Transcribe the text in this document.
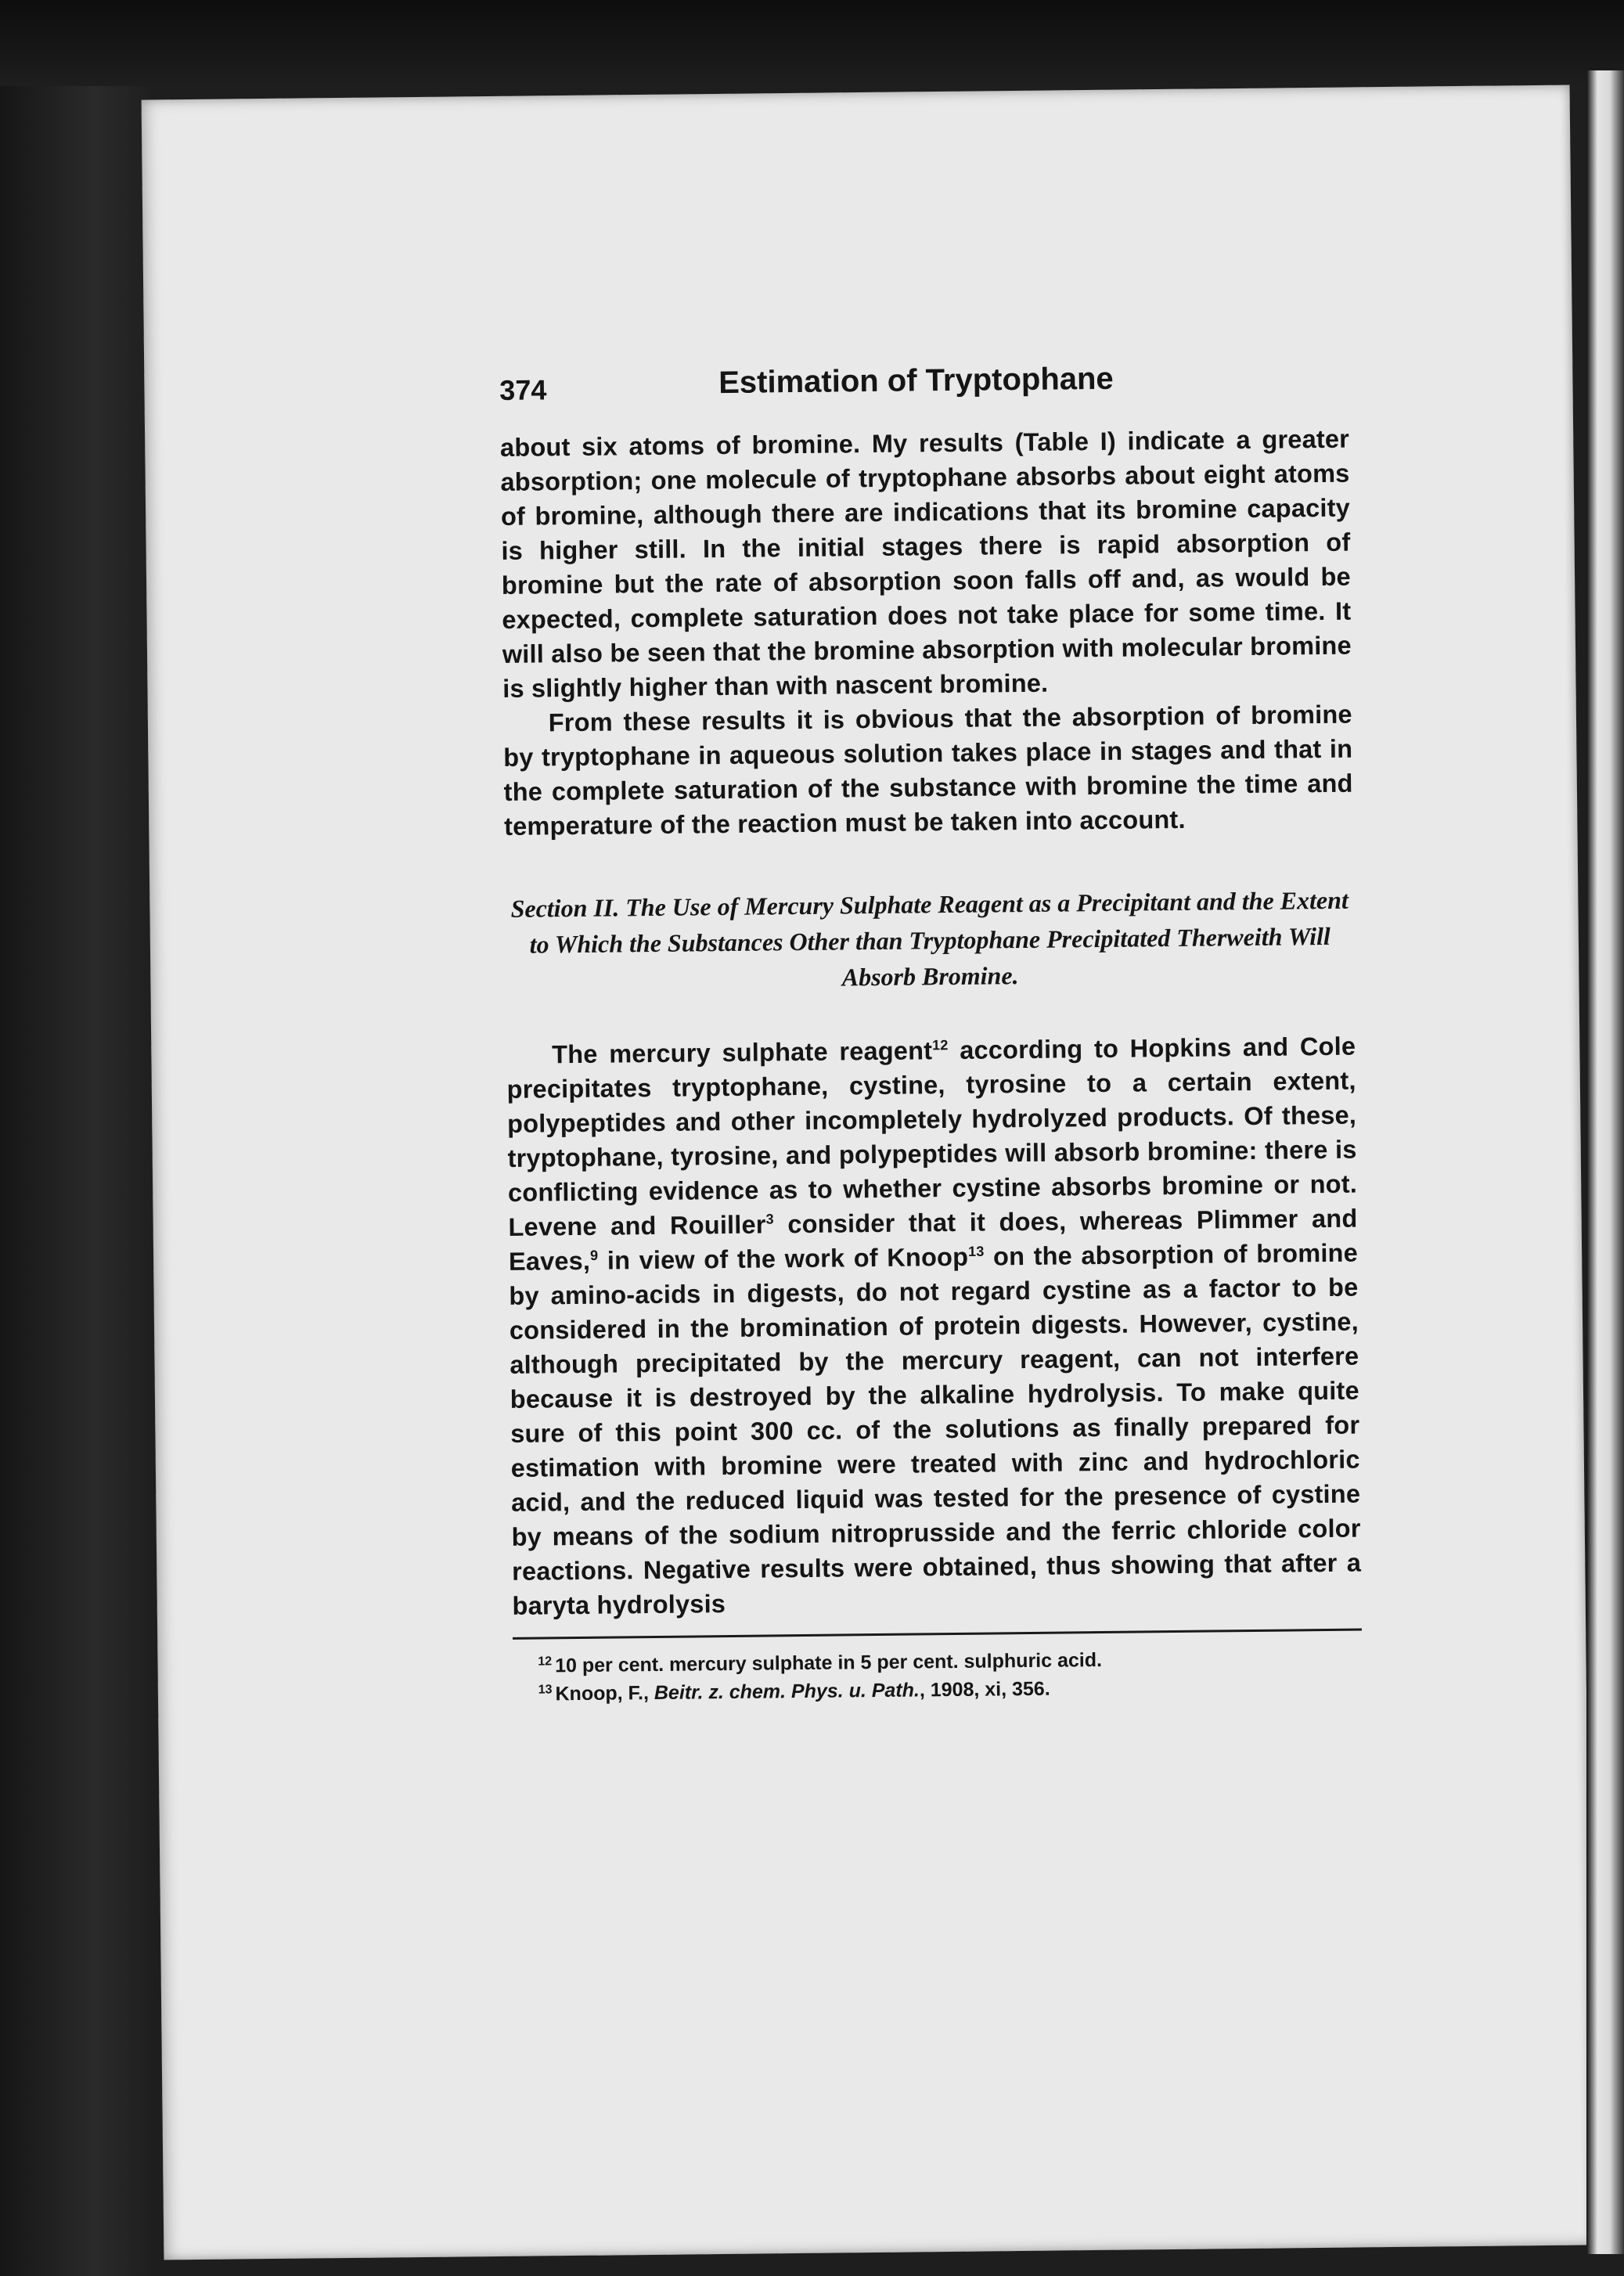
374	Estimation of Tryptophane

about six atoms of bromine. My results (Table I) indicate a greater absorption; one molecule of tryptophane absorbs about eight atoms of bromine, although there are indications that its bromine capacity is higher still. In the initial stages there is rapid absorption of bromine but the rate of absorption soon falls off and, as would be expected, complete saturation does not take place for some time. It will also be seen that the bromine absorption with molecular bromine is slightly higher than with nascent bromine.

From these results it is obvious that the absorption of bromine by tryptophane in aqueous solution takes place in stages and that in the complete saturation of the substance with bromine the time and temperature of the reaction must be taken into account.

Section II. The Use of Mercury Sulphate Reagent as a Precipitant and the Extent to Which the Substances Other than Tryptophane Precipitated Therweith Will Absorb Bromine.

The mercury sulphate reagent$^{12}$ according to Hopkins and Cole precipitates tryptophane, cystine, tyrosine to a certain extent, polypeptides and other incompletely hydrolyzed products. Of these, tryptophane, tyrosine, and polypeptides will absorb bromine: there is conflicting evidence as to whether cystine absorbs bromine or not. Levene and Rouiller$^3$ consider that it does, whereas Plimmer and Eaves,$^9$ in view of the work of Knoop$^{13}$ on the absorption of bromine by amino-acids in digests, do not regard cystine as a factor to be considered in the bromination of protein digests. However, cystine, although precipitated by the mercury reagent, can not interfere because it is destroyed by the alkaline hydrolysis. To make quite sure of this point 300 cc. of the solutions as finally prepared for estimation with bromine were treated with zinc and hydrochloric acid, and the reduced liquid was tested for the presence of cystine by means of the sodium nitroprusside and the ferric chloride color reactions. Negative results were obtained, thus showing that after a baryta hydrolysis

$^{12}$ 10 per cent. mercury sulphate in 5 per cent. sulphuric acid.
$^{13}$ Knoop, F., Beitr. z. chem. Phys. u. Path., 1908, xi, 356.
